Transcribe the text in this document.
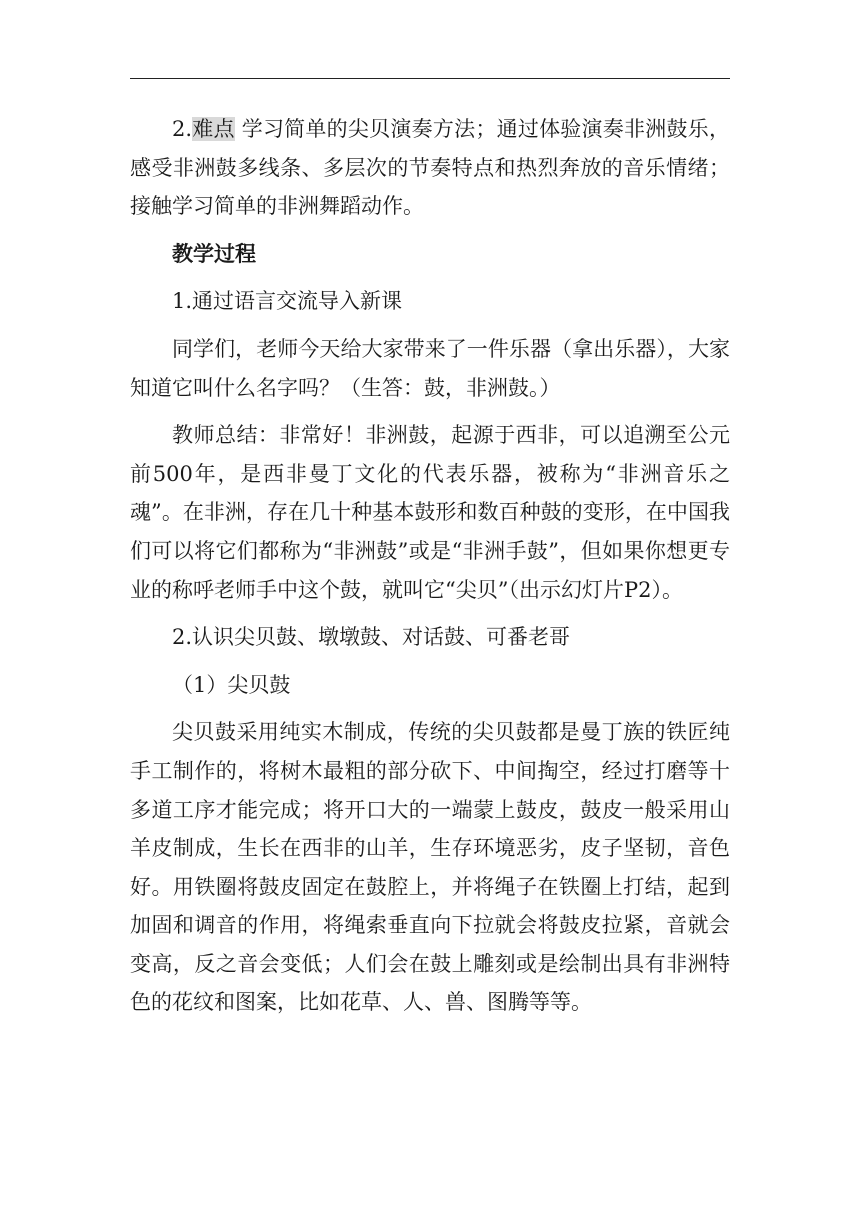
2.难点 学习简单的尖贝演奏方法；通过体验演奏非洲鼓乐，感受非洲鼓多线条、多层次的节奏特点和热烈奔放的音乐情绪；接触学习简单的非洲舞蹈动作。

教学过程

1.通过语言交流导入新课

同学们，老师今天给大家带来了一件乐器（拿出乐器），大家知道它叫什么名字吗？（生答：鼓，非洲鼓。）

教师总结：非常好！非洲鼓，起源于西非，可以追溯至公元前500年，是西非曼丁文化的代表乐器，被称为“非洲音乐之魂”。在非洲，存在几十种基本鼓形和数百种鼓的变形，在中国我们可以将它们都称为“非洲鼓”或是“非洲手鼓”，但如果你想更专业的称呼老师手中这个鼓，就叫它“尖贝”（出示幻灯片P2）。

2.认识尖贝鼓、墩墩鼓、对话鼓、可番老哥

（1）尖贝鼓

尖贝鼓采用纯实木制成，传统的尖贝鼓都是曼丁族的铁匠纯手工制作的，将树木最粗的部分砍下、中间掏空，经过打磨等十多道工序才能完成；将开口大的一端蒙上鼓皮，鼓皮一般采用山羊皮制成，生长在西非的山羊，生存环境恶劣，皮子坚韧，音色好。用铁圈将鼓皮固定在鼓腔上，并将绳子在铁圈上打结，起到加固和调音的作用，将绳索垂直向下拉就会将鼓皮拉紧，音就会变高，反之音会变低；人们会在鼓上雕刻或是绘制出具有非洲特色的花纹和图案，比如花草、人、兽、图腾等等。
